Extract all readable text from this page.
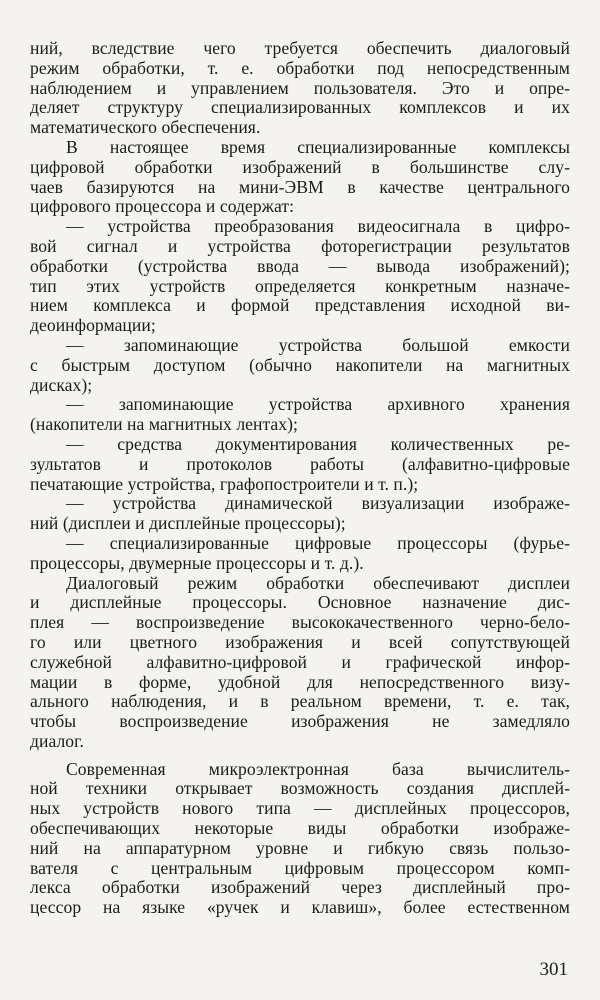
ний, вследствие чего требуется обеспечить диалоговый
режим обработки, т. е. обработки под непосредственным
наблюдением и управлением пользователя. Это и опре-
деляет структуру специализированных комплексов и их
математического обеспечения.
В настоящее время специализированные комплексы
цифровой обработки изображений в большинстве слу-
чаев базируются на мини-ЭВМ в качестве центрального
цифрового процессора и содержат:
— устройства преобразования видеосигнала в цифро-
вой сигнал и устройства фоторегистрации результатов
обработки (устройства ввода — вывода изображений);
тип этих устройств определяется конкретным назначе-
нием комплекса и формой представления исходной ви-
деоинформации;
— запоминающие устройства большой емкости
с быстрым доступом (обычно накопители на магнитных
дисках);
— запоминающие устройства архивного хранения
(накопители на магнитных лентах);
— средства документирования количественных ре-
зультатов и протоколов работы (алфавитно-цифровые
печатающие устройства, графопостроители и т. п.);
— устройства динамической визуализации изображе-
ний (дисплеи и дисплейные процессоры);
— специализированные цифровые процессоры (фурье-
процессоры, двумерные процессоры и т. д.).
Диалоговый режим обработки обеспечивают дисплеи
и дисплейные процессоры. Основное назначение дис-
плея — воспроизведение высококачественного черно-бело-
го или цветного изображения и всей сопутствующей
служебной алфавитно-цифровой и графической инфор-
мации в форме, удобной для непосредственного визу-
ального наблюдения, и в реальном времени, т. е. так,
чтобы воспроизведение изображения не замедляло
диалог.
Современная микроэлектронная база вычислитель-
ной техники открывает возможность создания дисплей-
ных устройств нового типа — дисплейных процессоров,
обеспечивающих некоторые виды обработки изображе-
ний на аппаратурном уровне и гибкую связь пользо-
вателя с центральным цифровым процессором комп-
лекса обработки изображений через дисплейный про-
цессор на языке «ручек и клавиш», более естественном
301
